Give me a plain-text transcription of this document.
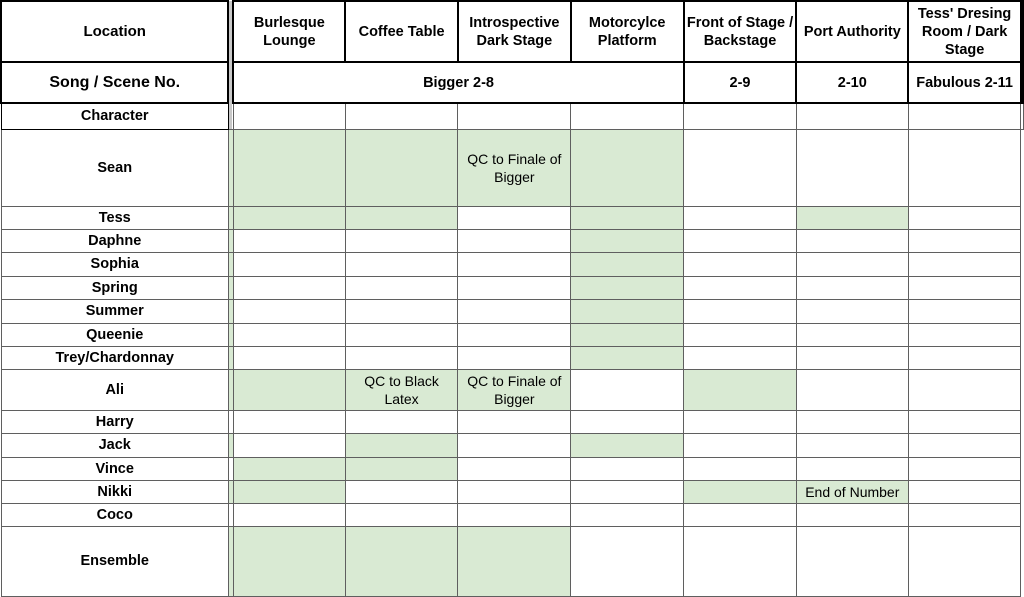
Location		Burlesque Lounge	Coffee Table	Introspective Dark Stage	Motorcylce Platform	Front of Stage / Backstage	Port Authority	Tess' Dresing Room / Dark Stage	
Song / Scene No.		Bigger 2-8				2-9	2-10	Fabulous 2-11	
Character									
Sean				QC to Finale of Bigger					
Tess									
Daphne									
Sophia									
Spring									
Summer									
Queenie									
Trey/Chardonnay									
Ali			QC to Black Latex	QC to Finale of Bigger					
Harry									
Jack									
Vince									
Nikki							End of Number		
Coco									
Ensemble									
